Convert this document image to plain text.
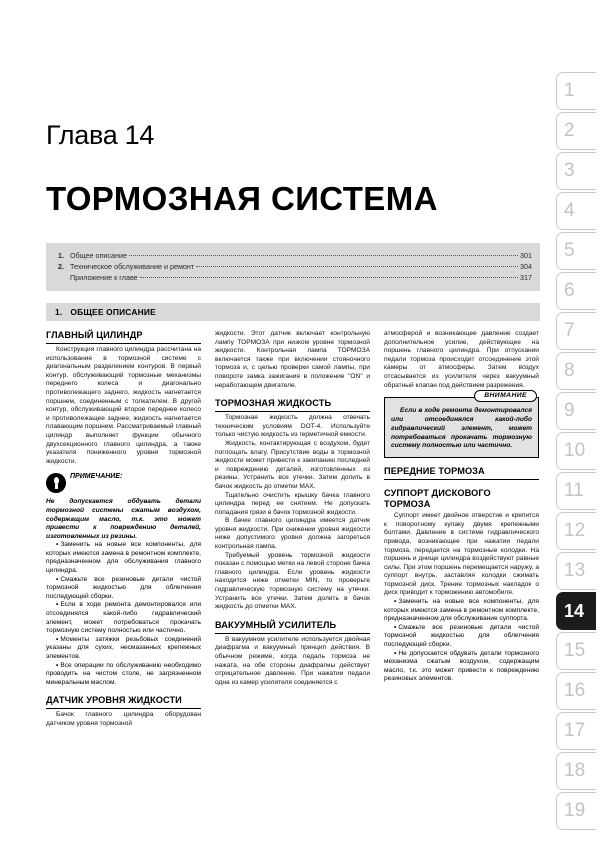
1
2
3
4
5
6
7
8
9
10
11
12
13
14
15
16
17
18
19
Глава 14
ТОРМОЗНАЯ СИСТЕМА
1. Общее описание	301
2. Техническое обслуживание и ремонт	304
Приложение к главе	317
1. ОБЩЕЕ ОПИСАНИЕ
ГЛАВНЫЙ ЦИЛИНДР

Конструкция главного цилиндра рассчитана на использование в тормозной системе с диагональным разделением контуров. В первый контур, обслуживающий тормозные механизмы переднего колеса и диагонально противолежащего заднего, жидкость нагнетается поршнем, соединенным с толкателем. В другой контур, обслуживающий второе переднее колесо и противолежащее заднее, жидкость нагнетается плавающим поршнем. Рассматриваемый главный цилиндр выполняет функции обычного двухсекционного главного цилиндра, а также указателя пониженного уровня тормозной жидкости.

ПРИМЕЧАНИЕ:
Не допускается обдувать детали тормозной системы сжатым воздухом, содержащим масло, т.к. это может привести к повреждению деталей, изготовленных из резины.
• Заменить на новые все компоненты, для которых имеются замена в ремонтном комплекте, предназначенном для обслуживания главного цилиндра.
• Смажьте все резиновые детали чистой тормозной жидкостью для облегчения последующей сборки.
• Если в ходе ремонта демонтировался или отсоединялся какой-либо гидравлический элемент, может потребоваться прокачать тормозную систему полностью или частично.
• Моменты затяжки резьбовых соединений указаны для сухих, несмазанных крепежных элементов.
• Все операции по обслуживанию необходимо проводить на чистом столе, не загрязненном минеральным маслом.
ДАТЧИК УРОВНЯ ЖИДКОСТИ

Бачок главного цилиндра оборудован датчиком уровня тормозной

жидкости. Этот датчик включает контрольную лампу ТОРМОЗА при низком уровне тормозной жидкости. Контрольная лампа ТОРМОЗА включается также при включении стояночного тормоза и, с целью проверки самой лампы, при повороте замка зажигания в положение "ON" и неработающем двигателе.

ТОРМОЗНАЯ ЖИДКОСТЬ

Тормозная жидкость должна отвечать техническим условиям DOT-4. Используйте только чистую жидкость из герметичной емкости.

Жидкость, контактирующая с воздухом, будет поглощать влагу. Присутствие воды в тормозной жидкости может привести к закипанию последней и повреждению деталей, изготовленных из резины. Устранить все утечки. Затем долить в бачок жидкость до отметки MAX.

Тщательно очистить крышку бачка главного цилиндра перед ее снятием. Не допускать попадания грязи в бачок тормозной жидкости.

В бачке главного цилиндра имеется датчик уровня жидкости. При снижении уровня жидкости ниже допустимого уровня должна загореться контрольная лампа.

Требуемый уровень тормозной жидкости показан с помощью метки на левой стороне бачка главного цилиндра. Если уровень жидкости находится ниже отметки MIN, то проверьте гидравлическую тормозную систему на утечки. Устранить все утечки. Затем долить в бачок жидкость до отметки MAX.

ВАКУУМНЫЙ УСИЛИТЕЛЬ

В вакуумном усилителе используется двойная диафрагма и вакуумный принцип действия. В обычном режиме, когда педаль тормоза не нажата, на обе стороны диафрагмы действует отрицательное давление. При нажатии педали одна из камер усилителя соединяется с

атмосферой и возникающее давление создает дополнительное усилие, действующее на поршень главного цилиндра. При отпускании педали тормоза происходит отсоединение этой камеры от атмосферы. Затем воздух отсасывается из усилителя через вакуумный обратный клапан под действием разрежения.

ВНИМАНИЕ
Если в ходе ремонта демонтировался или отсоединялся какой-либо гидравлический элемент, может потребоваться прокачать тормозную систему полностью или частично.
ПЕРЕДНИЕ ТОРМОЗА
СУППОРТ ДИСКОВОГО ТОРМОЗА

Суппорт имеет двойное отверстие и крепится к поворотному кулаку двумя крепежными болтами. Давление в системе гидравлического привода, возникающее при нажатии педали тормоза, передается на тормозные колодки. На поршень и днище цилиндра воздействуют равные силы. При этом поршень перемещается наружу, а суппорт внутрь, заставляя колодки сжимать тормозной диск. Трение тормозных накладок о диск приводит к торможению автомобиля.

• Заменить на новые все компоненты, для которых имеются замена в ремонтном комплекте, предназначенном для обслуживание суппорта.
• Смажьте все резиновые детали чистой тормозной жидкостью для облегчения последующей сборки.
• Не допускается обдувать детали тормозного механизма сжатым воздухом, содержащим масло, т.к. это может привести к повреждению резиновых элементов.
